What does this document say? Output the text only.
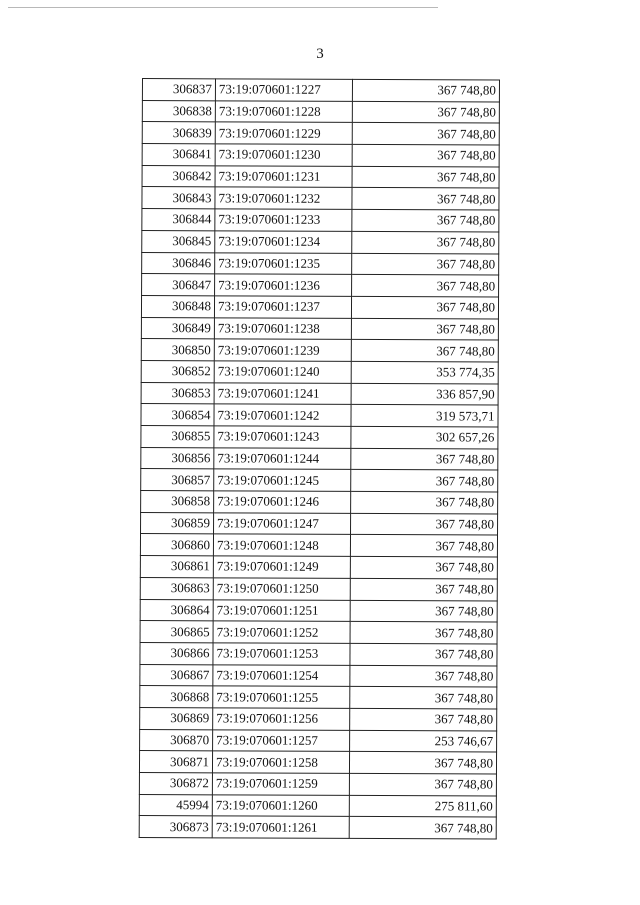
3
306837	73:19:070601:1227	367 748,80
306838	73:19:070601:1228	367 748,80
306839	73:19:070601:1229	367 748,80
306841	73:19:070601:1230	367 748,80
306842	73:19:070601:1231	367 748,80
306843	73:19:070601:1232	367 748,80
306844	73:19:070601:1233	367 748,80
306845	73:19:070601:1234	367 748,80
306846	73:19:070601:1235	367 748,80
306847	73:19:070601:1236	367 748,80
306848	73:19:070601:1237	367 748,80
306849	73:19:070601:1238	367 748,80
306850	73:19:070601:1239	367 748,80
306852	73:19:070601:1240	353 774,35
306853	73:19:070601:1241	336 857,90
306854	73:19:070601:1242	319 573,71
306855	73:19:070601:1243	302 657,26
306856	73:19:070601:1244	367 748,80
306857	73:19:070601:1245	367 748,80
306858	73:19:070601:1246	367 748,80
306859	73:19:070601:1247	367 748,80
306860	73:19:070601:1248	367 748,80
306861	73:19:070601:1249	367 748,80
306863	73:19:070601:1250	367 748,80
306864	73:19:070601:1251	367 748,80
306865	73:19:070601:1252	367 748,80
306866	73:19:070601:1253	367 748,80
306867	73:19:070601:1254	367 748,80
306868	73:19:070601:1255	367 748,80
306869	73:19:070601:1256	367 748,80
306870	73:19:070601:1257	253 746,67
306871	73:19:070601:1258	367 748,80
306872	73:19:070601:1259	367 748,80
45994	73:19:070601:1260	275 811,60
306873	73:19:070601:1261	367 748,80
